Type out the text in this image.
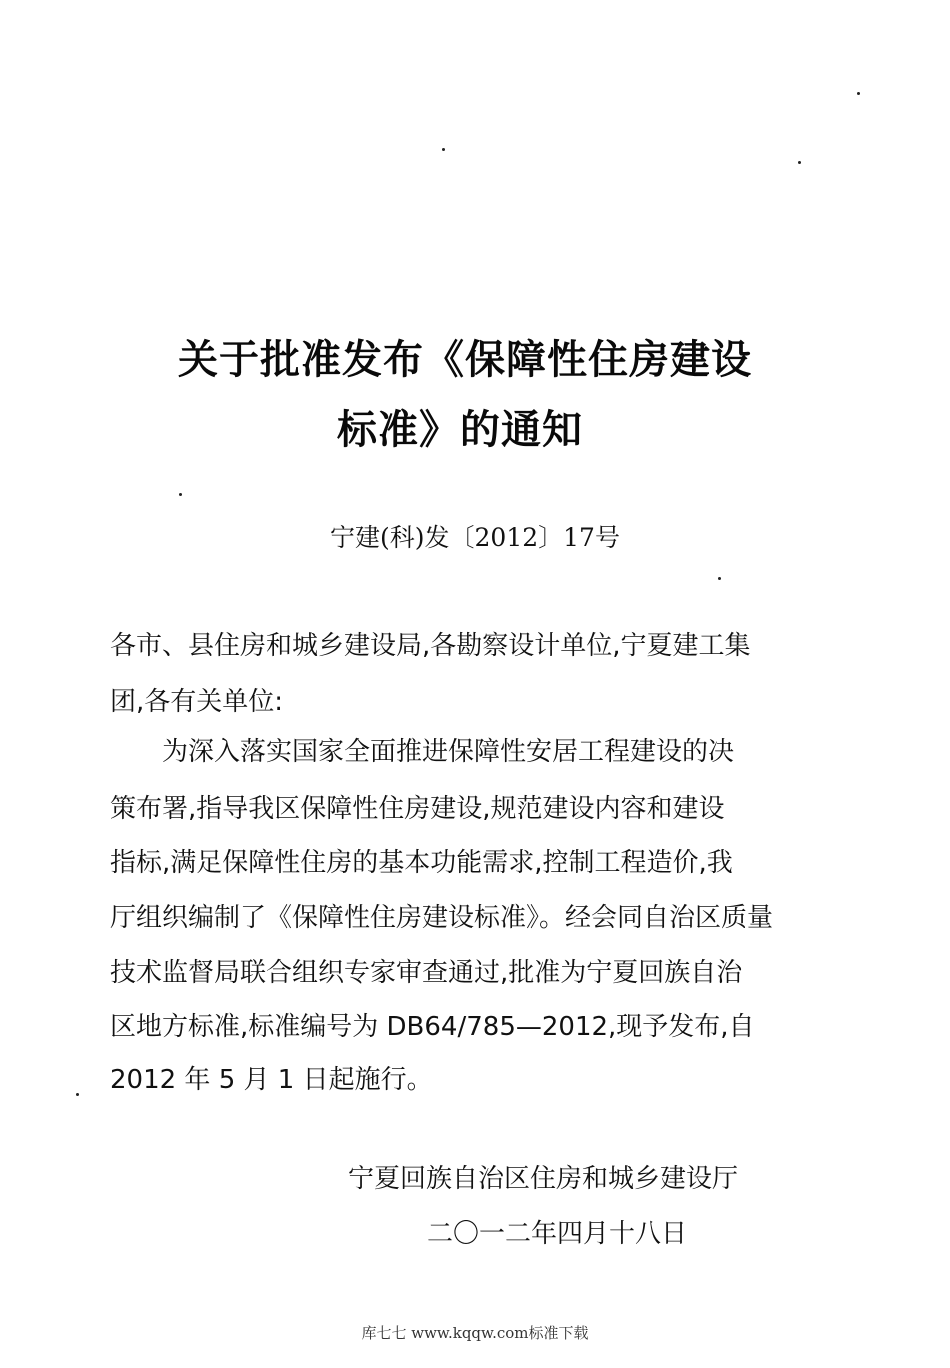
关于批准发布《保障性住房建设
标准》的通知
宁建(科)发〔2012〕17号
各市、县住房和城乡建设局,各勘察设计单位,宁夏建工集
团,各有关单位:
为深入落实国家全面推进保障性安居工程建设的决
策布署,指导我区保障性住房建设,规范建设内容和建设
指标,满足保障性住房的基本功能需求,控制工程造价,我
厅组织编制了《保障性住房建设标准》。经会同自治区质量
技术监督局联合组织专家审查通过,批准为宁夏回族自治
区地方标准,标准编号为 DB64/785—2012,现予发布,自
2012 年 5 月 1 日起施行。
宁夏回族自治区住房和城乡建设厅
二〇一二年四月十八日
库七七 www.kqqw.com标准下载
